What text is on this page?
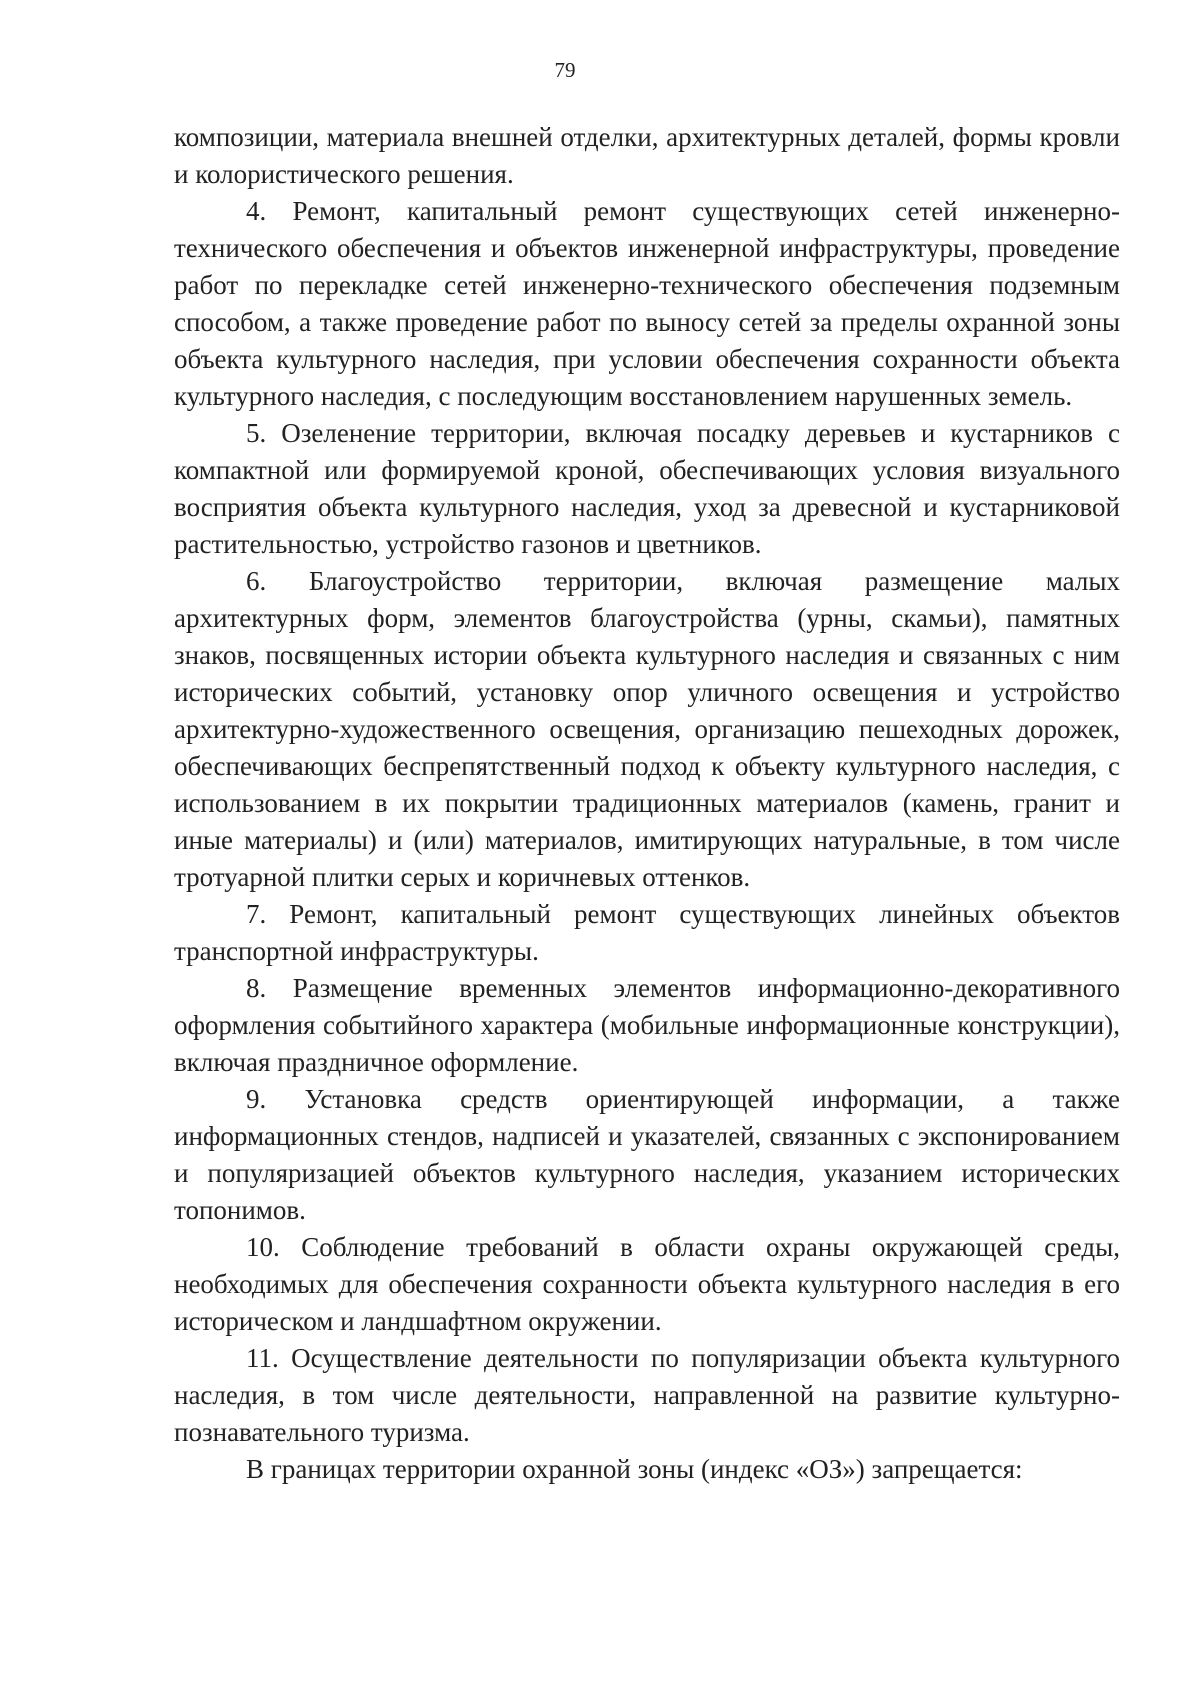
79

композиции, материала внешней отделки, архитектурных деталей, формы кровли и колористического решения.

4. Ремонт, капитальный ремонт существующих сетей инженерно-технического обеспечения и объектов инженерной инфраструктуры, проведение работ по перекладке сетей инженерно-технического обеспечения подземным способом, а также проведение работ по выносу сетей за пределы охранной зоны объекта культурного наследия, при условии обеспечения сохранности объекта культурного наследия, с последующим восстановлением нарушенных земель.

5. Озеленение территории, включая посадку деревьев и кустарников с компактной или формируемой кроной, обеспечивающих условия визуального восприятия объекта культурного наследия, уход за древесной и кустарниковой растительностью, устройство газонов и цветников.

6. Благоустройство территории, включая размещение малых архитектурных форм, элементов благоустройства (урны, скамьи), памятных знаков, посвященных истории объекта культурного наследия и связанных с ним исторических событий, установку опор уличного освещения и устройство архитектурно-художественного освещения, организацию пешеходных дорожек, обеспечивающих беспрепятственный подход к объекту культурного наследия, с использованием в их покрытии традиционных материалов (камень, гранит и иные материалы) и (или) материалов, имитирующих натуральные, в том числе тротуарной плитки серых и коричневых оттенков.

7. Ремонт, капитальный ремонт существующих линейных объектов транспортной инфраструктуры.

8. Размещение временных элементов информационно-декоративного оформления событийного характера (мобильные информационные конструкции), включая праздничное оформление.

9. Установка средств ориентирующей информации, а также информационных стендов, надписей и указателей, связанных с экспонированием и популяризацией объектов культурного наследия, указанием исторических топонимов.

10. Соблюдение требований в области охраны окружающей среды, необходимых для обеспечения сохранности объекта культурного наследия в его историческом и ландшафтном окружении.

11. Осуществление деятельности по популяризации объекта культурного наследия, в том числе деятельности, направленной на развитие культурно-познавательного туризма.

В границах территории охранной зоны (индекс «ОЗ») запрещается:
